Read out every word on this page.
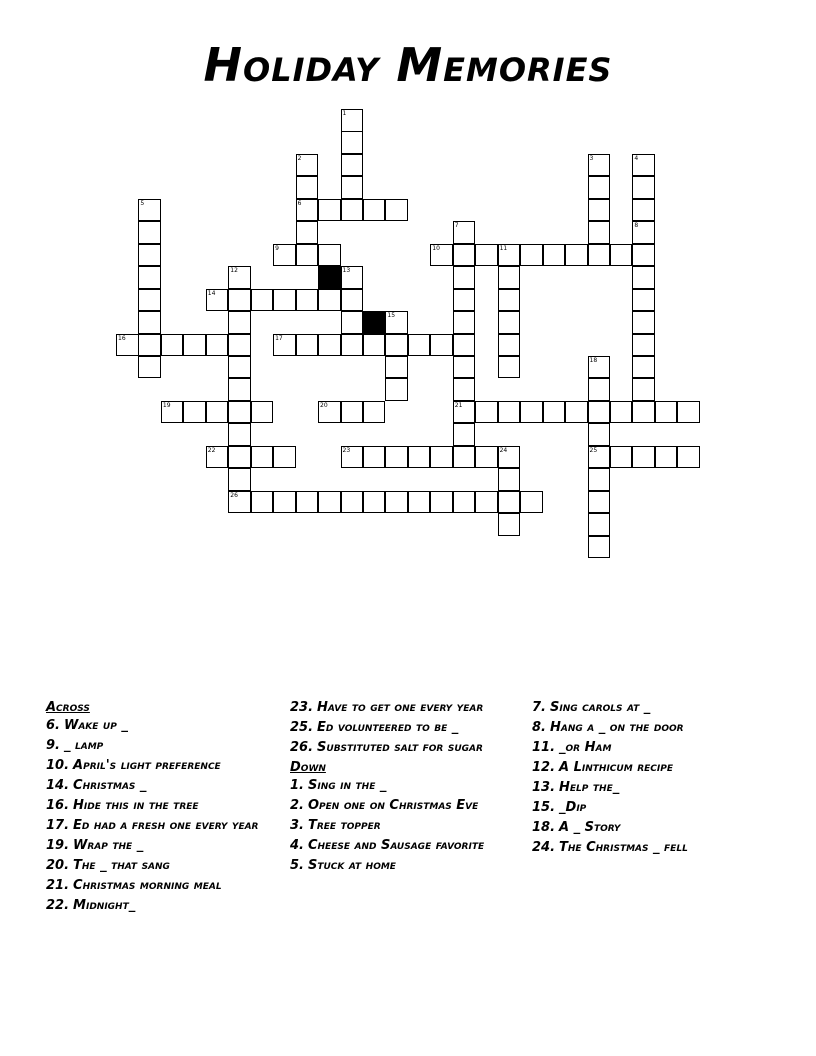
Holiday Memories
1
2
6
3	4
8
5
7
21
9	10	11
12	13
14
15
16	17
18
25
19	20
22	23	24
26
Across
6. Wake up _
9. _ lamp
10. April's light preference
14. Christmas _
16. Hide this in the tree
17. Ed had a fresh one every year
19. Wrap the _
20. The _ that sang
21. Christmas morning meal
22. Midnight_
23. Have to get one every year
25. Ed volunteered to be _
26. Substituted salt for sugar
Down
1. Sing in the _
2. Open one on Christmas Eve
3. Tree topper
4. Cheese and Sausage favorite
5. Stuck at home
7. Sing carols at _
8. Hang a _ on the door
11. _or Ham
12. A Linthicum recipe
13. Help the_
15. _Dip
18. A _ Story
24. The Christmas _ fell
